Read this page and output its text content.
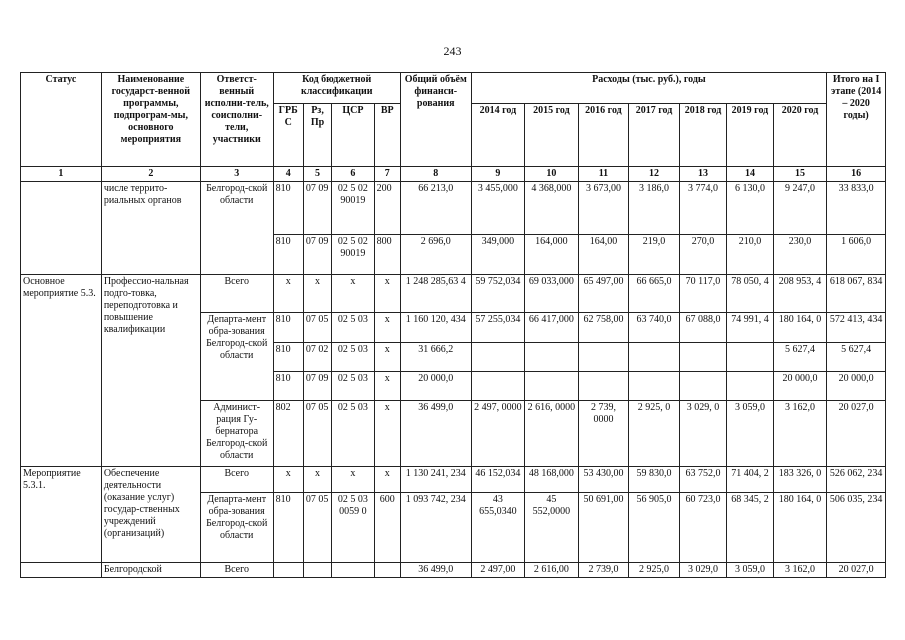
243
Статус	Наименование государст-венной программы, подпрограм-мы, основного мероприятия	Ответст-венный исполни-тель, соисполни-тели, участники	Код бюджетной классификации				Общий объём финанси-рования	Расходы (тыс. руб.), годы							Итого на I этапе (2014 – 2020 годы)
			ГРБ С	Рз, Пр	ЦСР	ВР		2014 год	2015 год	2016 год	2017 год	2018 год	2019 год	2020 год	
1	2	3	4	5	6	7	8	9	10	11	12	13	14	15	16
	числе террито-риальных органов	Белгород-ской области	810	07 09	02 5 02 90019	200	66 213,0	3 455,000	4 368,000	3 673,00	3 186,0	3 774,0	6 130,0	9 247,0	33 833,0
			810	07 09	02 5 02 90019	800	2 696,0	349,000	164,000	164,00	219,0	270,0	210,0	230,0	1 606,0
Основное мероприятие 5.3.	Профессио-нальная подго-товка, переподготовка и повышение квалификации	Всего	x	x	x	x	1 248 285,63 4	59 752,034	69 033,000	65 497,00	66 665,0	70 117,0	78 050, 4	208 953, 4	618 067, 834
		Департа-мент обра-зования Белгород-ской области	810	07 05	02 5 03	x	1 160 120, 434	57 255,034	66 417,000	62 758,00	63 740,0	67 088,0	74 991, 4	180 164, 0	572 413, 434
			810	07 02	02 5 03	x	31 666,2							5 627,4	5 627,4
			810	07 09	02 5 03	x	20 000,0							20 000,0	20 000,0
		Админист-рация Гу-бернатора Белгород-ской области	802	07 05	02 5 03	x	36 499,0	2 497, 0000	2 616, 0000	2 739, 0000	2 925, 0	3 029, 0	3 059,0	3 162,0	20 027,0
Мероприятие 5.3.1.	Обеспечение деятельности (оказание услуг) государ-ственных учреждений (организаций)	Всего	x	x	x	x	1 130 241, 234	46 152,034	48 168,000	53 430,00	59 830,0	63 752,0	71 404, 2	183 326, 0	526 062, 234
		Департа-мент обра-зования Белгород-ской области	810	07 05	02 5 03 0059 0	600	1 093 742, 234	43 655,0340	45 552,0000	50 691,00	56 905,0	60 723,0	68 345, 2	180 164, 0	506 035, 234
	Белгородской	Всего					36 499,0	2 497,00	2 616,00	2 739,0	2 925,0	3 029,0	3 059,0	3 162,0	20 027,0
